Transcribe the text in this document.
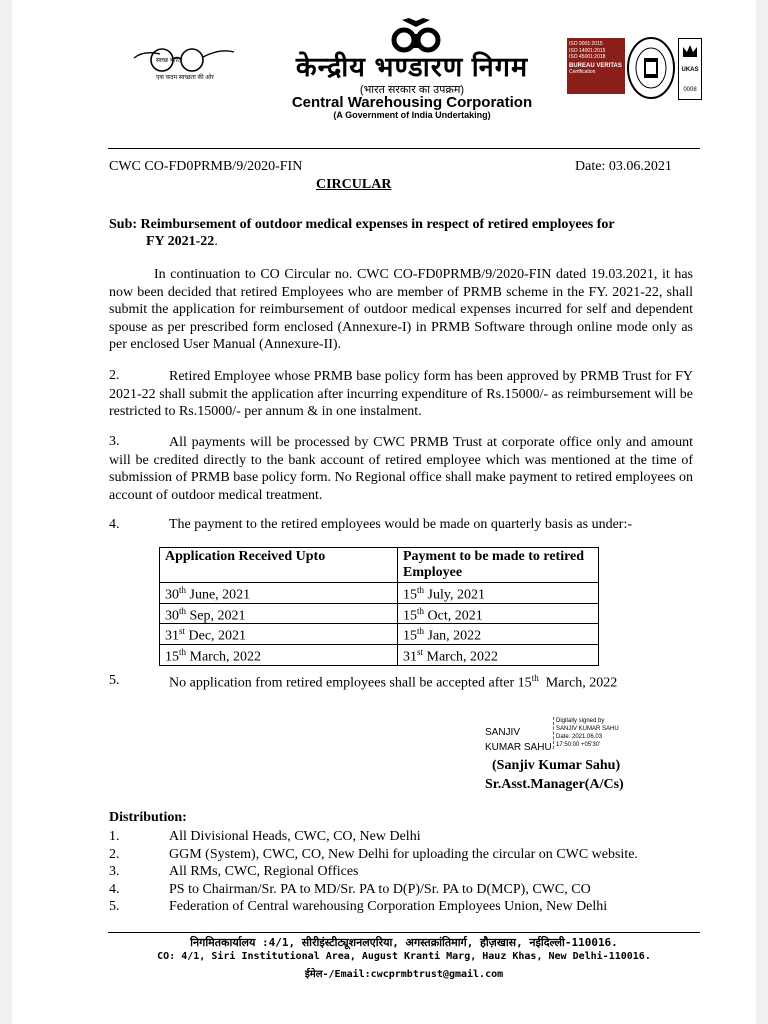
स्वच्छ भारत
एक कदम स्वच्छता की ओर	केन्द्रीय भण्डारण निगम
(भारत सरकार का उपक्रम)
Central Warehousing Corporation
(A Government of India Undertaking)
ISO 9001:2015
ISO 14001:2015
ISO 45001:2018
BUREAU VERITAS
Certification	UKAS
0008
CWC CO-FD0PRMB/9/2020-FIN	Date: 03.06.2021
CIRCULAR
Sub: Reimbursement of outdoor medical expenses in respect of retired employees for
FY 2021-22.
In continuation to CO Circular no. CWC CO-FD0PRMB/9/2020-FIN dated 19.03.2021, it has now been decided that retired Employees who are member of PRMB scheme in the FY. 2021-22, shall submit the application for reimbursement of outdoor medical expenses incurred for self and dependent spouse as per prescribed form enclosed (Annexure-I) in PRMB Software through online mode only as per enclosed User Manual (Annexure-II).
2.	Retired Employee whose PRMB base policy form has been approved by PRMB Trust for FY 2021-22 shall submit the application after incurring expenditure of Rs.15000/- as reimbursement will be restricted to Rs.15000/- per annum & in one instalment.
3.	All payments will be processed by CWC PRMB Trust at corporate office only and amount will be credited directly to the bank account of retired employee which was mentioned at the time of submission of PRMB base policy form. No Regional office shall make payment to retired employees on account of outdoor medical treatment.
4.	The payment to the retired employees would be made on quarterly basis as under:-
Application Received Upto	Payment to be made to retired Employee
30th June, 2021	15th July, 2021
30th Sep, 2021	15th Oct, 2021
31st Dec, 2021	15th Jan, 2022
15th March, 2022	31st March, 2022
5.	No application from retired employees shall be accepted after 15th  March, 2022
SANJIV
KUMAR SAHU
Digitally signed by
SANJIV KUMAR SAHU
Date: 2021.06.03
17:50:00 +05'30'
(Sanjiv Kumar Sahu)
Sr.Asst.Manager(A/Cs)
Distribution:
1.	All Divisional Heads, CWC, CO, New Delhi
2.	GGM (System), CWC, CO, New Delhi for uploading the circular on CWC website.
3.	All RMs, CWC, Regional Offices
4.	PS to Chairman/Sr. PA to MD/Sr. PA to D(P)/Sr. PA to D(MCP), CWC, CO
5.	Federation of Central warehousing Corporation Employees Union, New Delhi
निगमितकार्यालय :4/1, सीरीइंस्टीट्यूशनलएरिया, अगस्तक्रांतिमार्ग, हौज़खास, नईदिल्ली-110016.
CO: 4/1, Siri Institutional Area, August Kranti Marg, Hauz Khas, New Delhi-110016.
ईमेल-/Email:cwcprmbtrust@gmail.com
